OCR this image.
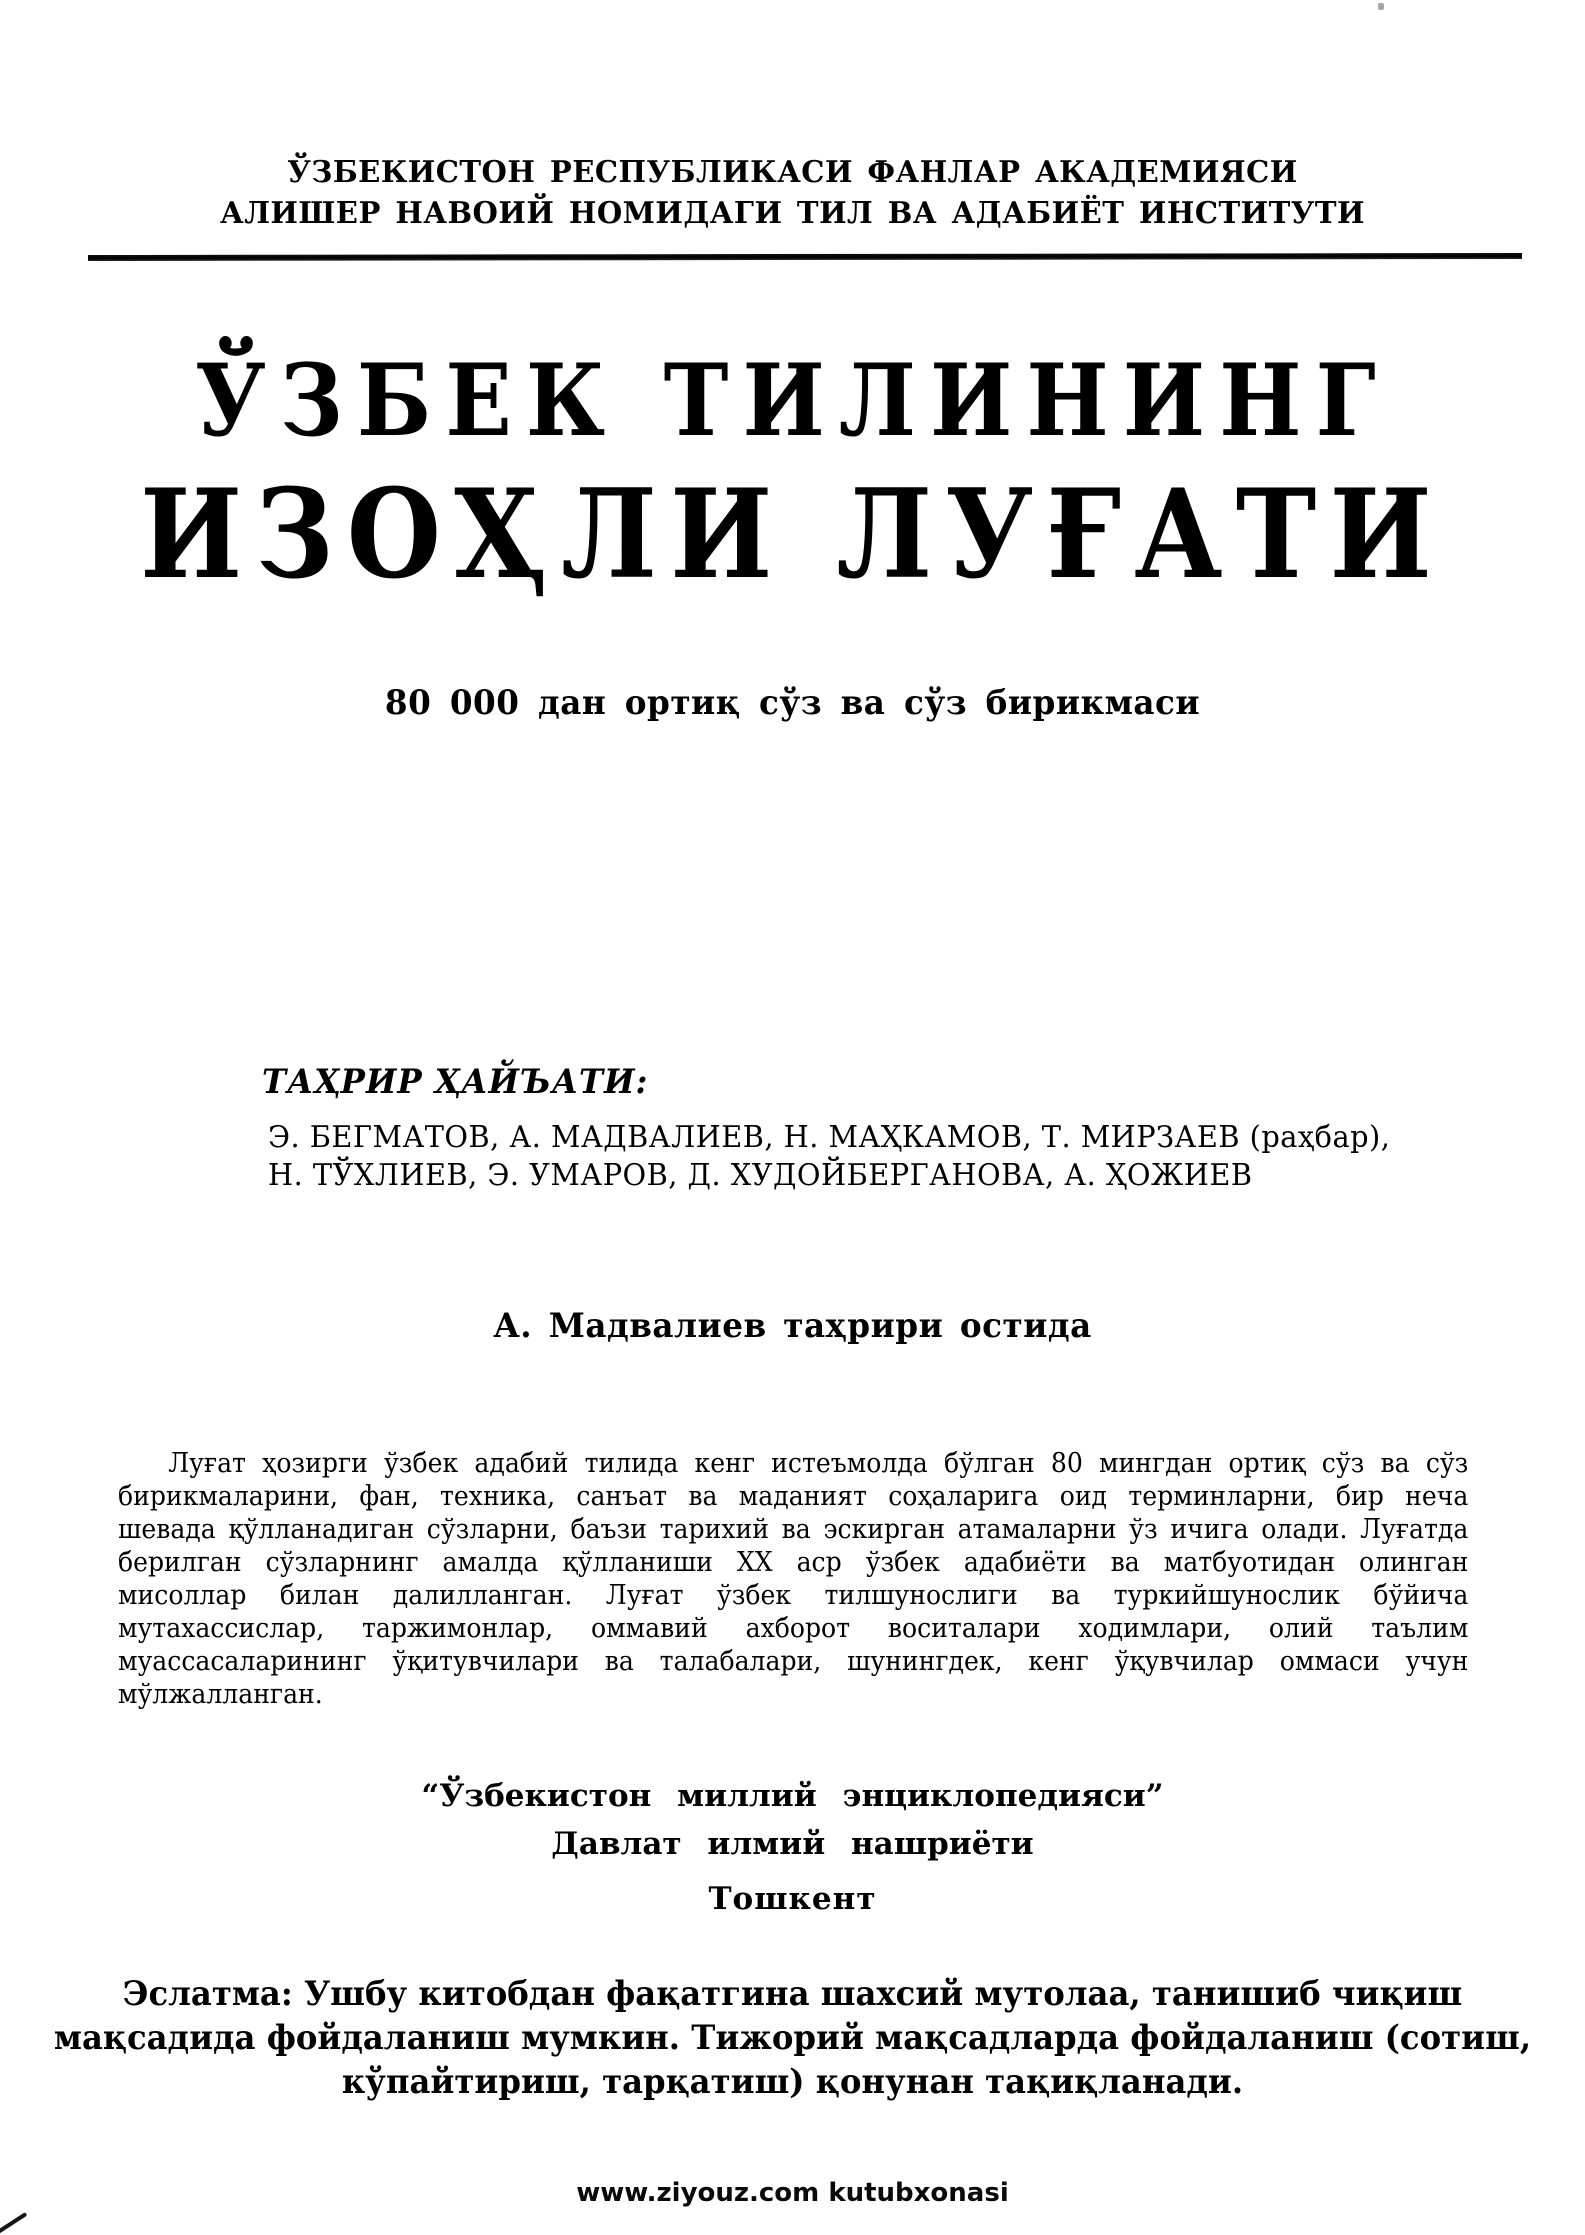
ЎЗБЕКИСТОН РЕСПУБЛИКАСИ ФАНЛАР АКАДЕМИЯСИ
АЛИШЕР НАВОИЙ НОМИДАГИ ТИЛ ВА АДАБИЁТ ИНСТИТУТИ
ЎЗБЕК ТИЛИНИНГ
ИЗОҲЛИ ЛУҒАТИ
80 000 дан ортиқ сўз ва сўз бирикмаси
ТАҲРИР ҲАЙЪАТИ:
Э. БЕГМАТОВ, А. МАДВАЛИЕВ, Н. МАҲКАМОВ, Т. МИРЗАЕВ (раҳбар),
Н. ТЎХЛИЕВ, Э. УМАРОВ, Д. ХУДОЙБЕРГАНОВА, А. ҲОЖИЕВ
А. Мадвалиев таҳрири остида
Луғат ҳозирги ўзбек адабий тилида кенг истеъмолда бўлган 80 мингдан ортиқ сўз ва сўз бирикмаларини, фан, техника, санъат ва маданият соҳаларига оид терминларни, бир неча шевада қўлланадиган сўзларни, баъзи тарихий ва эскирган атамаларни ўз ичига олади. Луғатда берилган сўзларнинг амалда қўлланиши XX аср ўзбек адабиёти ва матбуотидан олинган мисоллар билан далилланган. Луғат ўзбек тилшунослиги ва туркийшунослик бўйича мутахассислар, таржимонлар, оммавий ахборот воситалари ходимлари, олий таълим муассасаларининг ўқитувчилари ва талабалари, шунингдек, кенг ўқувчилар оммаси учун мўлжалланган.
“Ўзбекистон миллий энциклопедияси”
Давлат илмий нашриёти
Тошкент
Эслатма: Ушбу китобдан фақатгина шахсий мутолаа, танишиб чиқиш
мақсадида фойдаланиш мумкин. Тижорий мақсадларда фойдаланиш (сотиш,
кўпайтириш, тарқатиш) қонунан тақиқланади.
www.ziyouz.com kutubxonasi
